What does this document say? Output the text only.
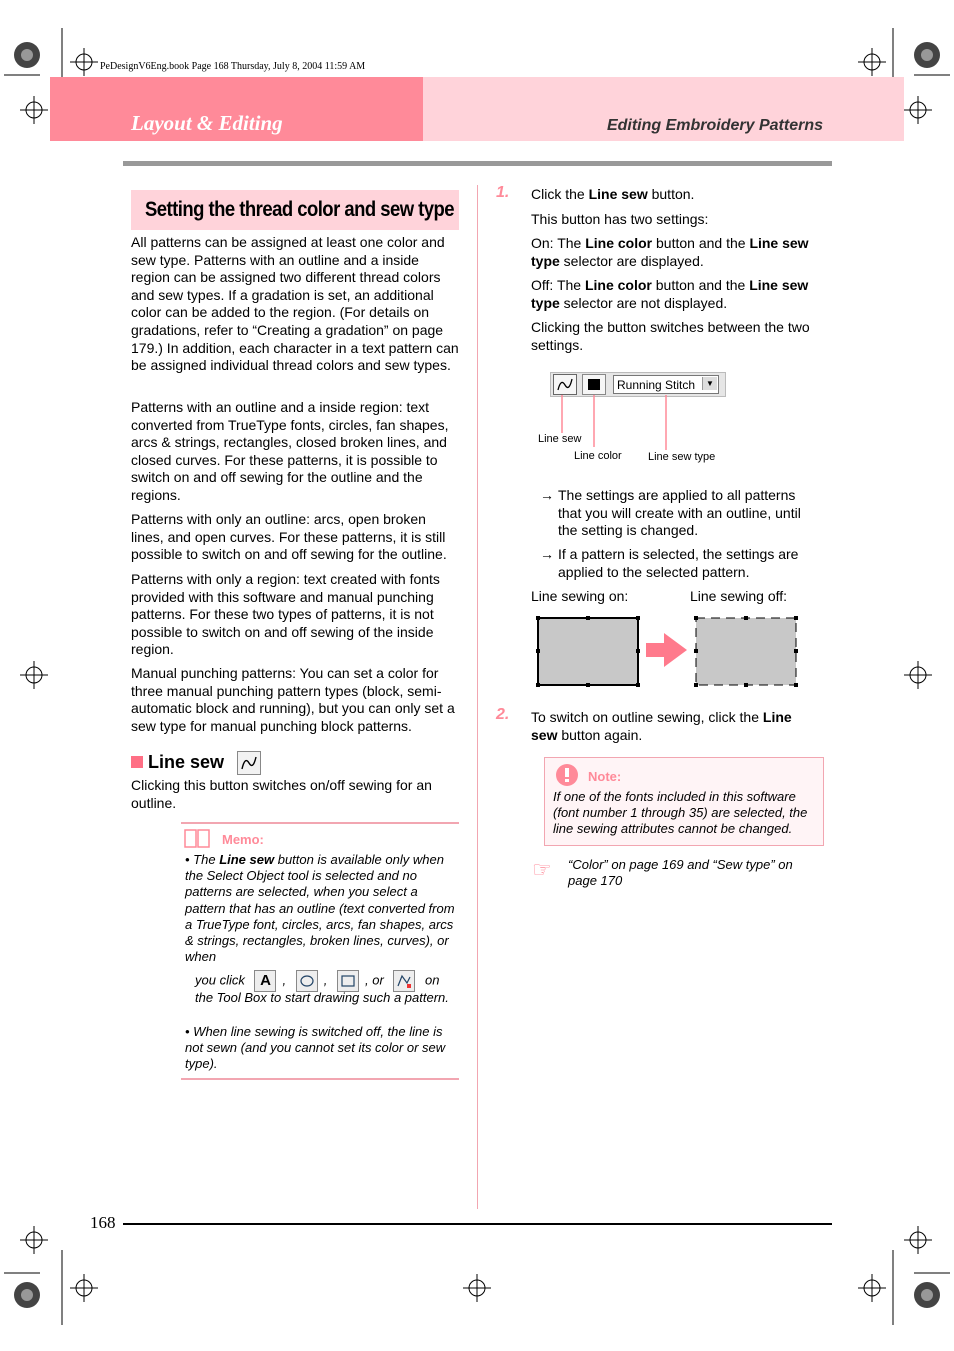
PeDesignV6Eng.book Page 168 Thursday, July 8, 2004 11:59 AM
Layout & Editing	Editing Embroidery Patterns
Setting the thread color and sew type
All patterns can be assigned at least one color and sew type. Patterns with an outline and a inside region can be assigned two different thread colors and sew types. If a gradation is set, an additional color can be added to the region. (For details on gradations, refer to “Creating a gradation” on page 179.) In addition, each character in a text pattern can be assigned individual thread colors and sew types.
Patterns with an outline and a inside region: text converted from TrueType fonts, circles, fan shapes, arcs & strings, rectangles, closed broken lines, and closed curves. For these patterns, it is possible to switch on and off sewing for the outline and the regions.
Patterns with only an outline: arcs, open broken lines, and open curves. For these patterns, it is still possible to switch on and off sewing for the outline.
Patterns with only a region: text created with fonts provided with this software and manual punching patterns. For these two types of patterns, it is not possible to switch on and off sewing of the inside region.
Manual punching patterns: You can set a color for three manual punching pattern types (block, semi-automatic block and running), but you can only set a sew type for manual punching block patterns.
Line sew
Clicking this button switches on/off sewing for an outline.
Memo:
• The Line sew button is available only when the Select Object tool is selected and no patterns are selected, when you select a pattern that has an outline (text converted from a TrueType font, circles, arcs, fan shapes, arcs & strings, rectangles, broken lines, curves), or when
you click A ,	,	, or	on
the Tool Box to start drawing such a pattern.
• When line sewing is switched off, the line is not sewn (and you cannot set its color or sew type).
1. Click the Line sew button.
This button has two settings:
On: The Line color button and the Line sew type selector are displayed.
Off: The Line color button and the Line sew type selector are not displayed.
Clicking the button switches between the two settings.
Running Stitch	▼
Line sew
Line color Line sew type
→ The settings are applied to all patterns that you will create with an outline, until the setting is changed.
→ If a pattern is selected, the settings are applied to the selected pattern.
Line sewing on:	Line sewing off:
2. To switch on outline sewing, click the Line sew button again.
Note:
If one of the fonts included in this software (font number 1 through 35) are selected, the line sewing attributes cannot be changed.
☞ “Color” on page 169 and “Sew type” on page 170
168
